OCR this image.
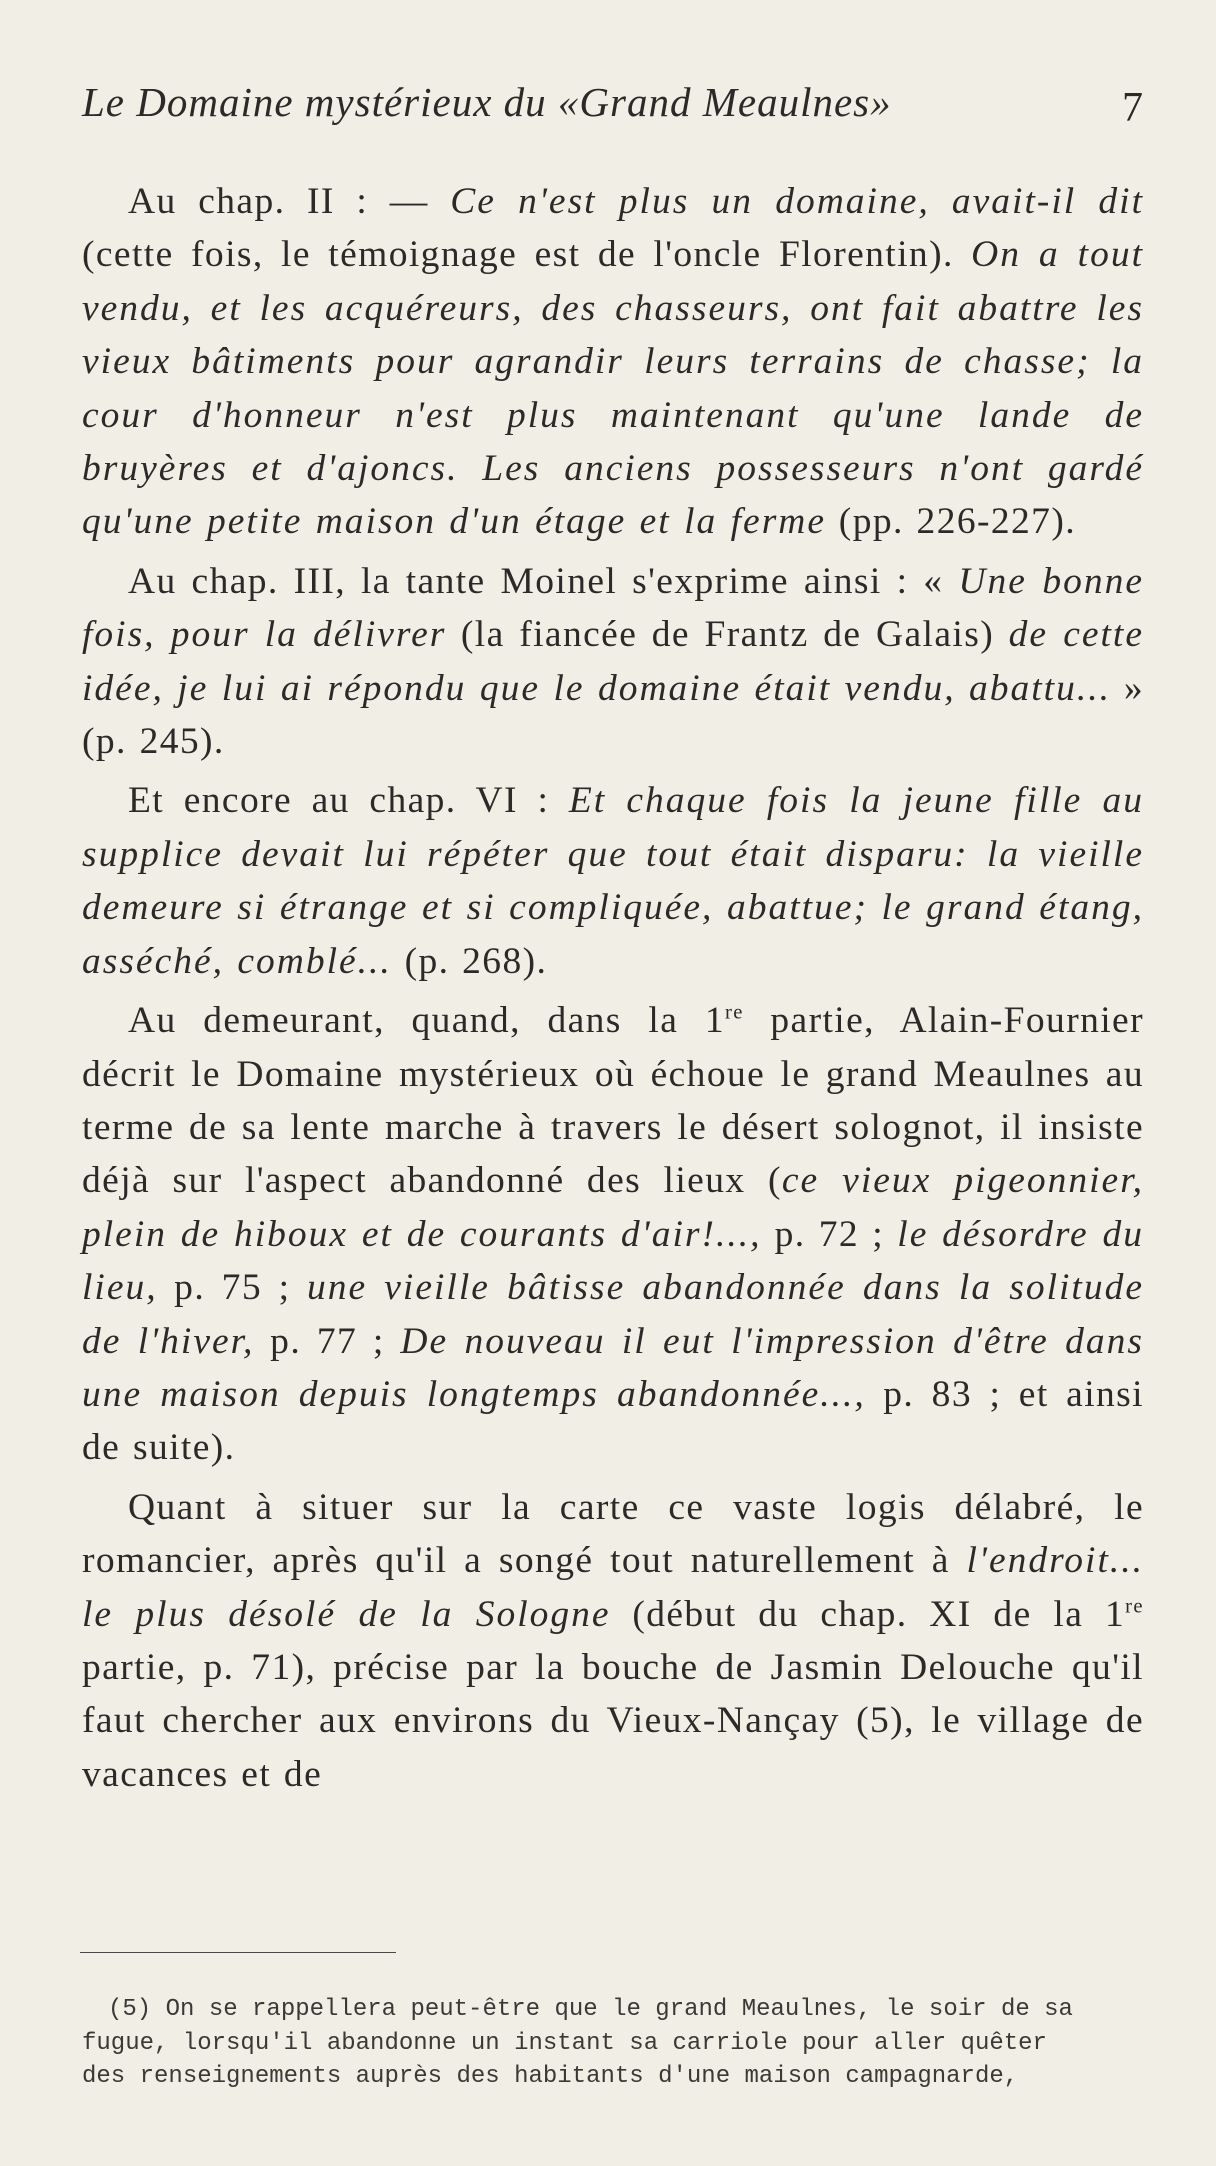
Le Domaine mystérieux du «Grand Meaulnes»	7

Au chap. II : — Ce n'est plus un domaine, avait-il dit (cette fois, le témoignage est de l'oncle Florentin). On a tout vendu, et les acquéreurs, des chasseurs, ont fait abattre les vieux bâtiments pour agrandir leurs terrains de chasse; la cour d'honneur n'est plus maintenant qu'une lande de bruyères et d'ajoncs. Les anciens possesseurs n'ont gardé qu'une petite maison d'un étage et la ferme (pp. 226-227).

Au chap. III, la tante Moinel s'exprime ainsi : « Une bonne fois, pour la délivrer (la fiancée de Frantz de Galais) de cette idée, je lui ai répondu que le domaine était vendu, abattu... » (p. 245).

Et encore au chap. VI : Et chaque fois la jeune fille au supplice devait lui répéter que tout était disparu: la vieille demeure si étrange et si compliquée, abattue; le grand étang, asséché, comblé... (p. 268).

Au demeurant, quand, dans la 1re partie, Alain-Fournier décrit le Domaine mystérieux où échoue le grand Meaulnes au terme de sa lente marche à travers le désert solognot, il insiste déjà sur l'aspect abandonné des lieux (ce vieux pigeonnier, plein de hiboux et de courants d'air!..., p. 72 ; le désordre du lieu, p. 75 ; une vieille bâtisse abandonnée dans la solitude de l'hiver, p. 77 ; De nouveau il eut l'impression d'être dans une maison depuis longtemps abandonnée..., p. 83 ; et ainsi de suite).

Quant à situer sur la carte ce vaste logis délabré, le romancier, après qu'il a songé tout naturellement à l'endroit... le plus désolé de la Sologne (début du chap. XI de la 1re partie, p. 71), précise par la bouche de Jasmin Delouche qu'il faut chercher aux environs du Vieux-Nançay (5), le village de vacances et de

(5) On se rappellera peut-être que le grand Meaulnes, le soir de sa
fugue, lorsqu'il abandonne un instant sa carriole pour aller quêter
des renseignements auprès des habitants d'une maison campagnarde,
